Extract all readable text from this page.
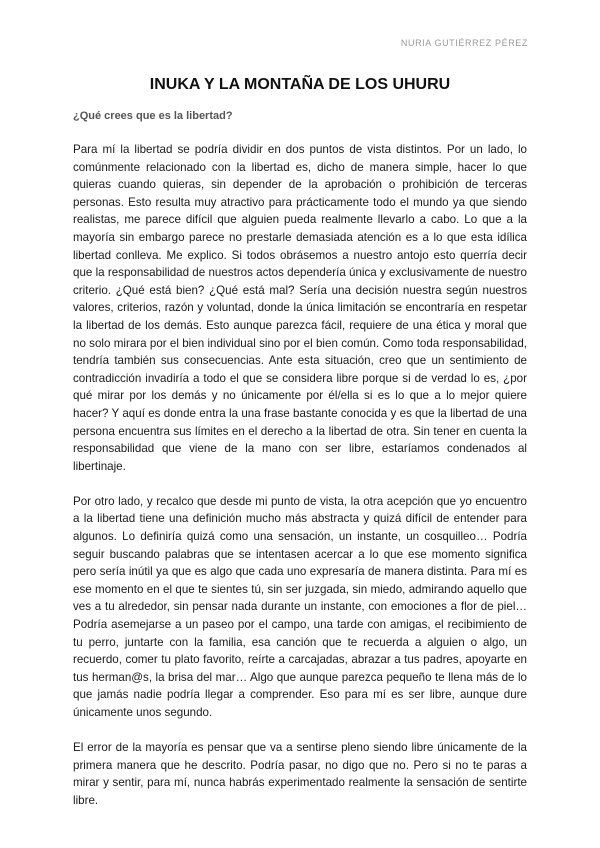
NURIA GUTIÉRREZ PÉREZ
INUKA Y LA MONTAÑA DE LOS UHURU
¿Qué crees que es la libertad?

Para mí la libertad se podría dividir en dos puntos de vista distintos. Por un lado, lo comúnmente relacionado con la libertad es, dicho de manera simple, hacer lo que quieras cuando quieras, sin depender de la aprobación o prohibición de terceras personas. Esto resulta muy atractivo para prácticamente todo el mundo ya que siendo realistas, me parece difícil que alguien pueda realmente llevarlo a cabo. Lo que a la mayoría sin embargo parece no prestarle demasiada atención es a lo que esta idílica libertad conlleva. Me explico. Si todos obrásemos a nuestro antojo esto querría decir que la responsabilidad de nuestros actos dependería única y exclusivamente de nuestro criterio. ¿Qué está bien? ¿Qué está mal? Sería una decisión nuestra según nuestros valores, criterios, razón y voluntad, donde la única limitación se encontraría en respetar la libertad de los demás. Esto aunque parezca fácil, requiere de una ética y moral que no solo mirara por el bien individual sino por el bien común. Como toda responsabilidad, tendría también sus consecuencias. Ante esta situación, creo que un sentimiento de contradicción invadiría a todo el que se considera libre porque si de verdad lo es, ¿por qué mirar por los demás y no únicamente por él/ella si es lo que a lo mejor quiere hacer? Y aquí es donde entra la una frase bastante conocida y es que la libertad de una persona encuentra sus límites en el derecho a la libertad de otra. Sin tener en cuenta la responsabilidad que viene de la mano con ser libre, estaríamos condenados al libertinaje.

Por otro lado, y recalco que desde mi punto de vista, la otra acepción que yo encuentro a la libertad tiene una definición mucho más abstracta y quizá difícil de entender para algunos. Lo definiría quizá como una sensación, un instante, un cosquilleo… Podría seguir buscando palabras que se intentasen acercar a lo que ese momento significa pero sería inútil ya que es algo que cada uno expresaría de manera distinta. Para mí es ese momento en el que te sientes tú, sin ser juzgada, sin miedo, admirando aquello que ves a tu alrededor, sin pensar nada durante un instante, con emociones a flor de piel… Podría asemejarse a un paseo por el campo, una tarde con amigas, el recibimiento de tu perro, juntarte con la familia, esa canción que te recuerda a alguien o algo, un recuerdo, comer tu plato favorito, reírte a carcajadas, abrazar a tus padres, apoyarte en tus herman@s, la brisa del mar… Algo que aunque parezca pequeño te llena más de lo que jamás nadie podría llegar a comprender. Eso para mí es ser libre, aunque dure únicamente unos segundo.

El error de la mayoría es pensar que va a sentirse pleno siendo libre únicamente de la primera manera que he descrito. Podría pasar, no digo que no. Pero si no te paras a mirar y sentir, para mí, nunca habrás experimentado realmente la sensación de sentirte libre.
